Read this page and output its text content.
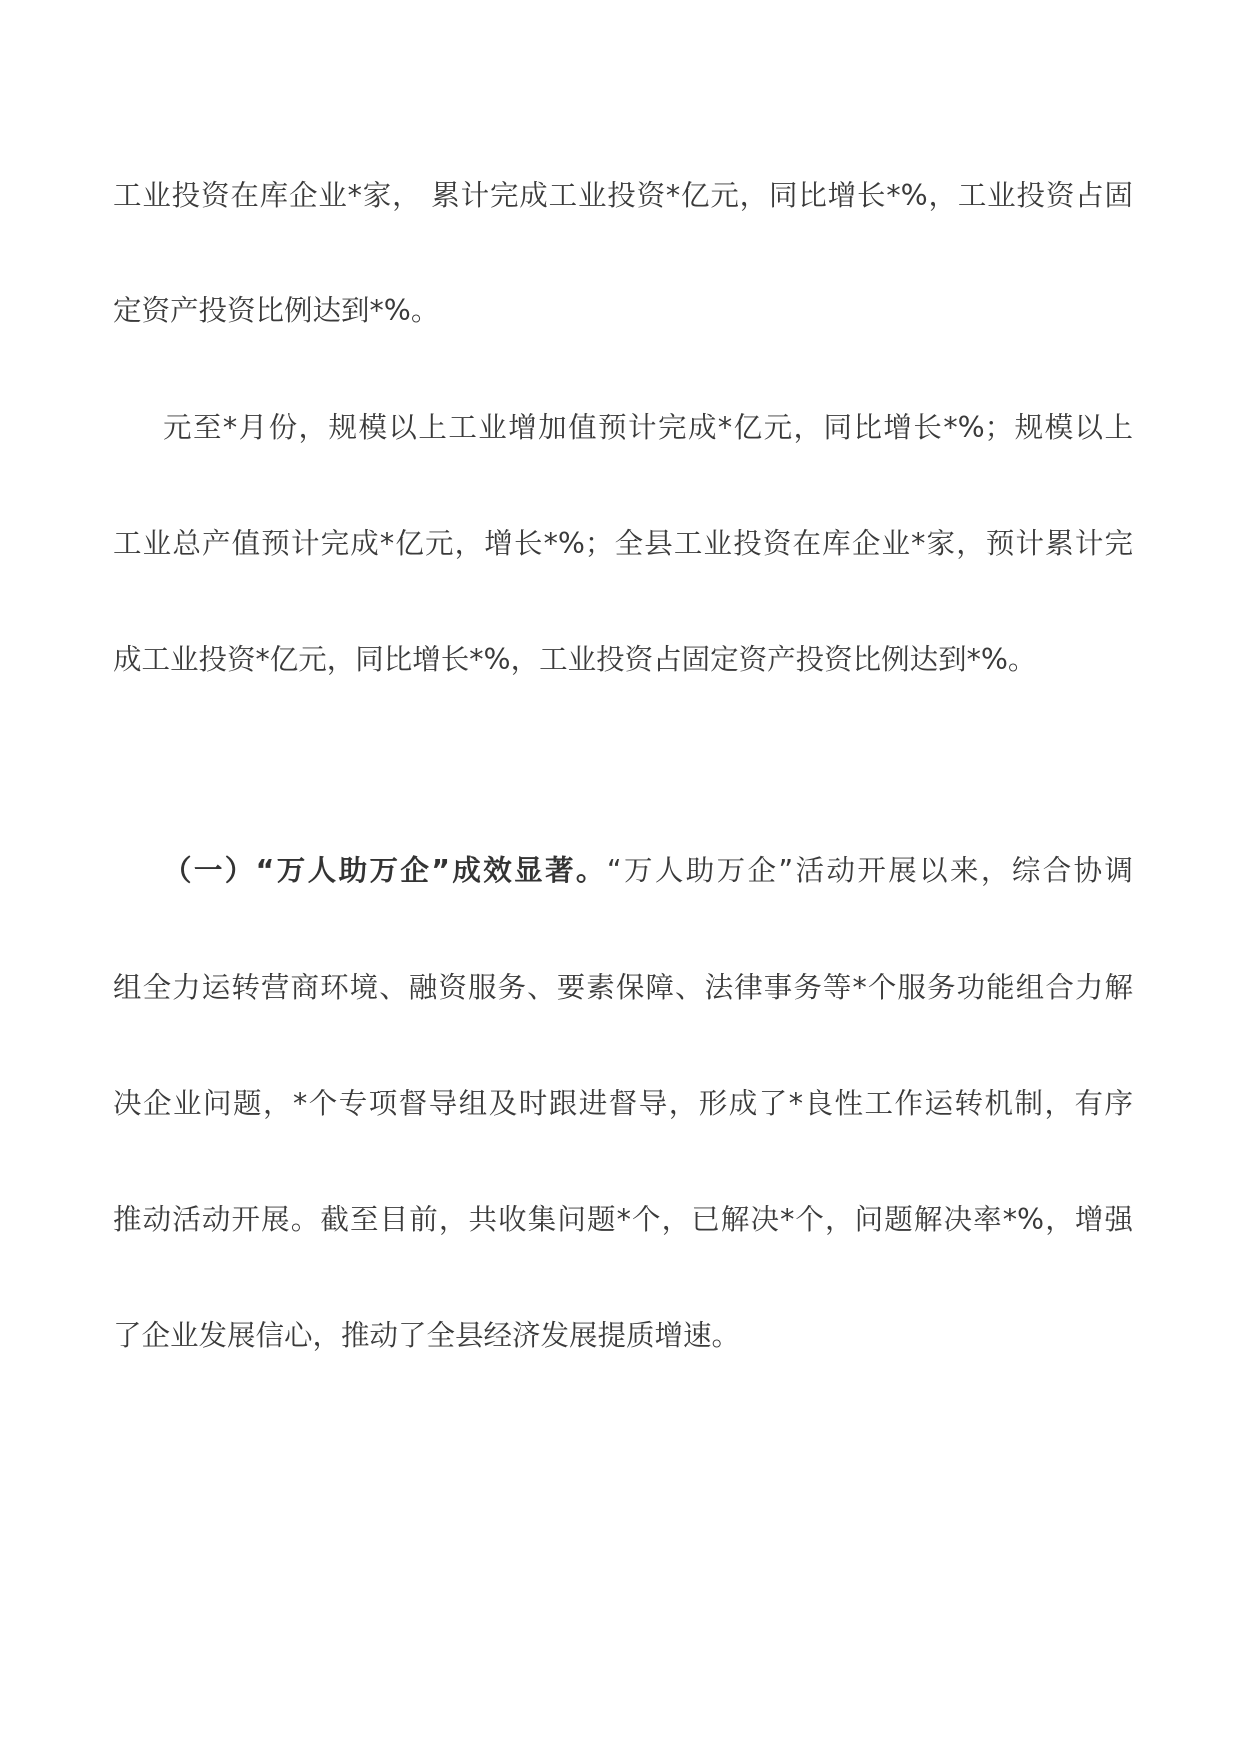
工业投资在库企业*家， 累计完成工业投资*亿元，同比增长*%，工业投资占固
定资产投资比例达到*%。
元至*月份，规模以上工业增加值预计完成*亿元，同比增长*%；规模以上
工业总产值预计完成*亿元，增长*%；全县工业投资在库企业*家，预计累计完
成工业投资*亿元，同比增长*%，工业投资占固定资产投资比例达到*%。
（一）“万人助万企”成效显著。“万人助万企”活动开展以来，综合协调
组全力运转营商环境、融资服务、要素保障、法律事务等*个服务功能组合力解
决企业问题，*个专项督导组及时跟进督导，形成了*良性工作运转机制，有序
推动活动开展。截至目前，共收集问题*个，已解决*个，问题解决率*%，增强
了企业发展信心，推动了全县经济发展提质增速。
